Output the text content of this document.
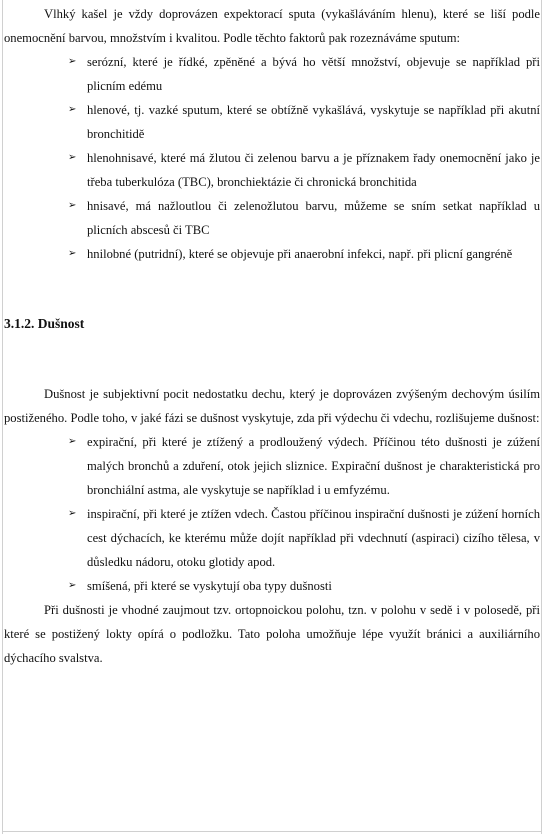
Vlhký kašel je vždy doprovázen expektorací sputa (vykašláváním hlenu), které se liší podle onemocnění barvou, množstvím i kvalitou. Podle těchto faktorů pak rozeznáváme sputum:

➢ serózní, které je řídké, zpěněné a bývá ho větší množství, objevuje se například při plicním edému
➢ hlenové, tj. vazké sputum, které se obtížně vykašlává, vyskytuje se například při akutní bronchitidě
➢ hlenohnisavé, které má žlutou či zelenou barvu a je příznakem řady onemocnění jako je třeba tuberkulóza (TBC), bronchiektázie či chronická bronchitida
➢ hnisavé, má nažloutlou či zelenožlutou barvu, můžeme se sním setkat například u plicních abscesů či TBC
➢ hnilobné (putridní), které se objevuje při anaerobní infekci, např. při plicní gangréně
3.1.2. Dušnost

Dušnost je subjektivní pocit nedostatku dechu, který je doprovázen zvýšeným dechovým úsilím postiženého. Podle toho, v jaké fázi se dušnost vyskytuje, zda při výdechu či vdechu, rozlišujeme dušnost:

➢ expirační, při které je ztížený a prodloužený výdech. Příčinou této dušnosti je zúžení malých bronchů a zduření, otok jejich sliznice. Expirační dušnost je charakteristická pro bronchiální astma, ale vyskytuje se například i u emfyzému.
➢ inspirační, při které je ztížen vdech. Častou příčinou inspirační dušnosti je zúžení horních cest dýchacích, ke kterému může dojít například při vdechnutí (aspiraci) cizího tělesa, v důsledku nádoru, otoku glotidy apod.
➢ smíšená, při které se vyskytují oba typy dušnosti

Při dušnosti je vhodné zaujmout tzv. ortopnoickou polohu, tzn. v polohu v sedě i v polosedě, při které se postižený lokty opírá o podložku. Tato poloha umožňuje lépe využít bránici a auxiliárního dýchacího svalstva.
